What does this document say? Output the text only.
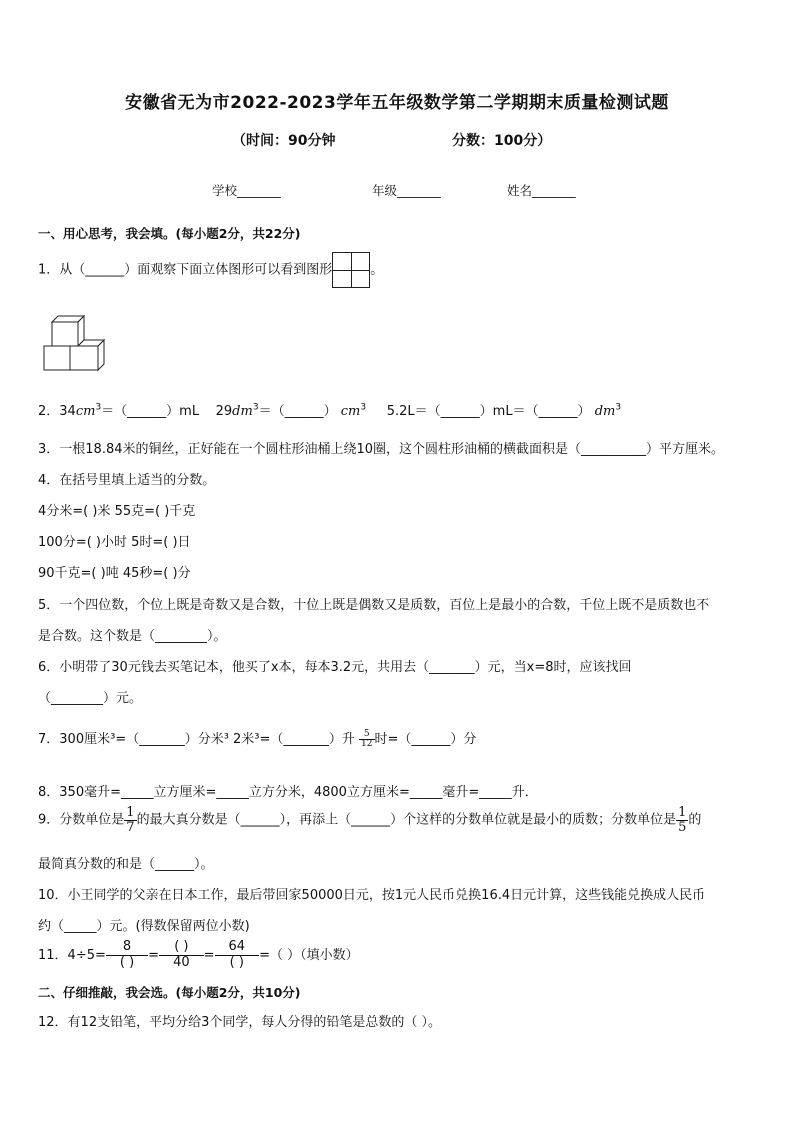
安徽省无为市2022-2023学年五年级数学第二学期期末质量检测试题
（时间：90分钟	分数：100分）
学校_______	年级_______	姓名_______
一、用心思考，我会填。(每小题2分，共22分)
1．从（______）面观察下面立体图形可以看到图形	。
2．$34cm^3=(\_\_\_\_\_\_)mL$ $29dm^3=(\_\_\_\_\_\_)$ $cm^3$ 5.2L＝（______）mL＝（______） $dm^3$
3．一根18.84米的铜丝，正好能在一个圆柱形油桶上绕10圈，这个圆柱形油桶的横截面积是（__________）平方厘米。
4．在括号里填上适当的分数。
4分米=( )米 55克=( )千克
100分=( )小时 5时=( )日
90千克=( )吨 45秒=( )分
5．一个四位数，个位上既是奇数又是合数，十位上既是偶数又是质数，百位上是最小的合数，千位上既不是质数也不
是合数。这个数是（________）。
6．小明带了30元钱去买笔记本，他买了x本，每本3.2元，共用去（_______）元，当x=8时，应该找回
（________）元。
7．300厘米³=（_______）分米³ 2米³=（_______）升 $\frac{5}{12}$ 时=（______）分
8．350毫升=_____立方厘米=_____立方分米，4800立方厘米=_____毫升=_____升．
9．分数单位是 $\frac{1}{7}$ 的最大真分数是（______），再添上（______）个这样的分数单位就是最小的质数；分数单位是 $\frac{1}{5}$ 的
最简真分数的和是（______）。
10．小王同学的父亲在日本工作，最后带回家50000日元，按1元人民币兑换16.4日元计算，这些钱能兑换成人民币
约（_____）元。(得数保留两位小数)
11．4÷5=
8
( )	=
( )
40	=
64
( )	=（ ）（填小数）
二、仔细推敲，我会选。(每小题2分，共10分)
12．有12支铅笔，平均分给3个同学，每人分得的铅笔是总数的（ ）。
